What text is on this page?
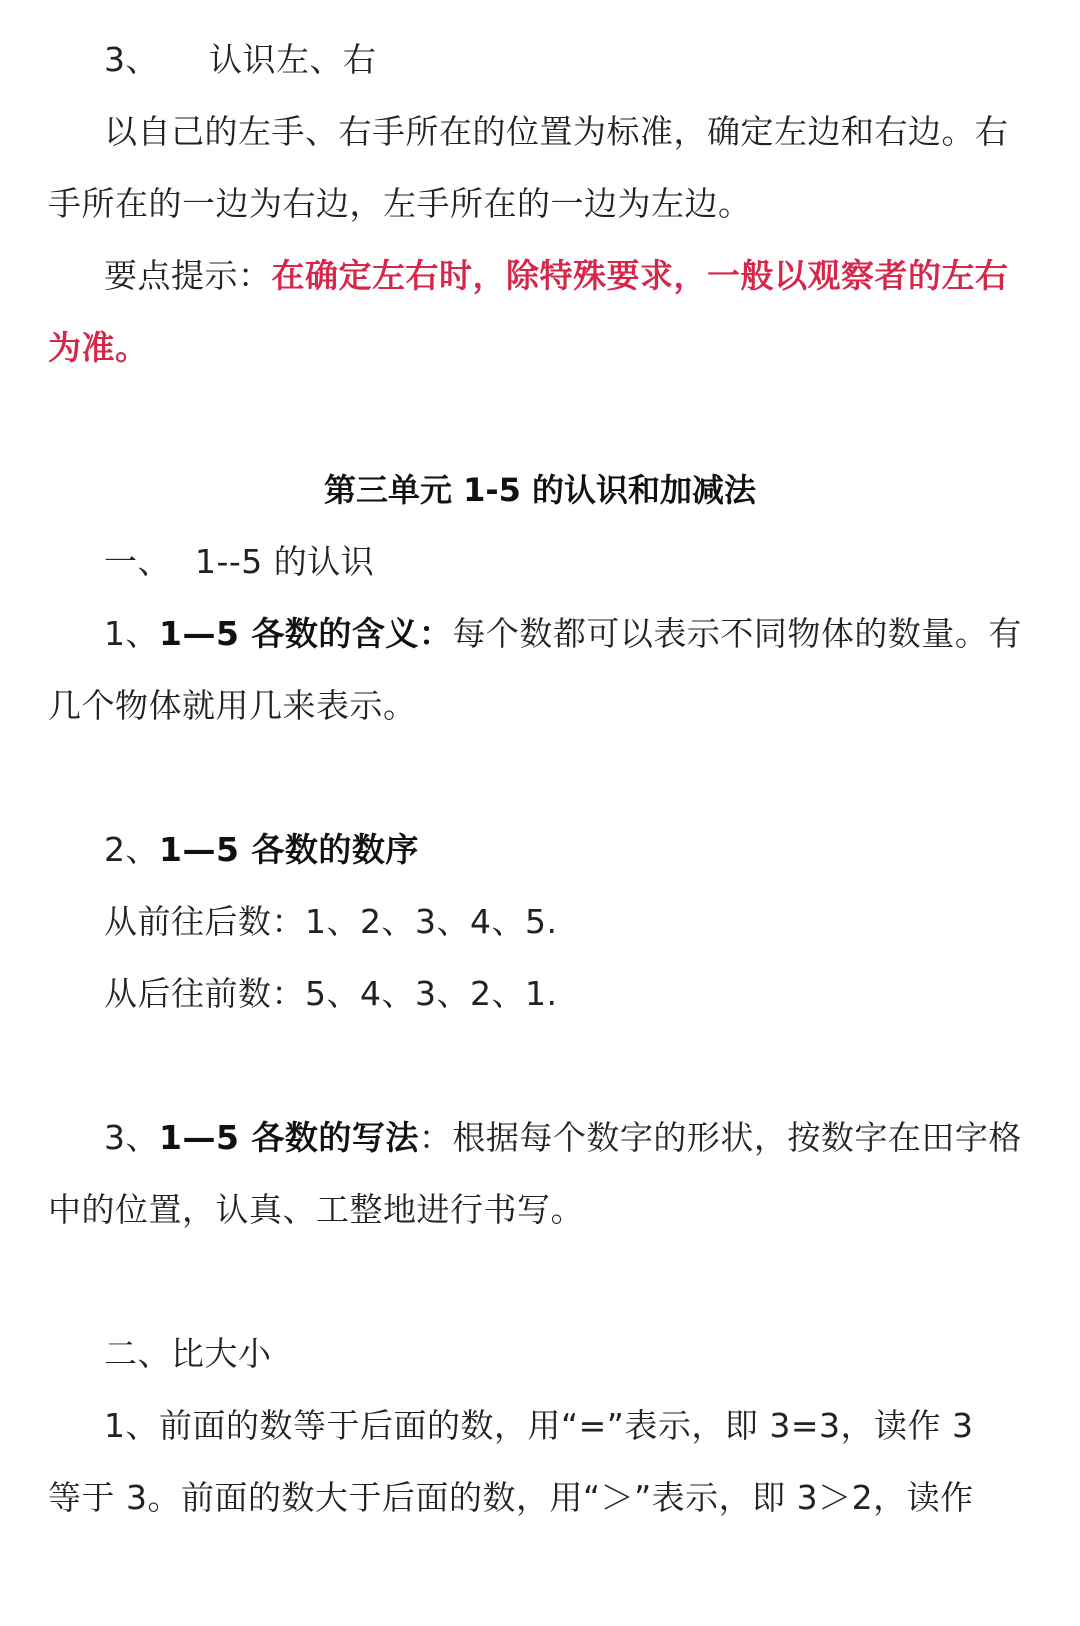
3、 认识左、右
以自己的左手、右手所在的位置为标准，确定左边和右边。右
手所在的一边为右边，左手所在的一边为左边。
要点提示：在确定左右时，除特殊要求，一般以观察者的左右
为准。
第三单元 1-5 的认识和加减法
一、 1--5 的认识
1、1—5 各数的含义：每个数都可以表示不同物体的数量。有
几个物体就用几来表示。
2、1—5 各数的数序
从前往后数：1、2、3、4、5.
从后往前数：5、4、3、2、1.
3、1—5 各数的写法：根据每个数字的形状，按数字在田字格
中的位置，认真、工整地进行书写。
二、比大小
1、前面的数等于后面的数，用“=”表示，即 3=3，读作 3
等于 3。前面的数大于后面的数，用“＞”表示，即 3＞2，读作
